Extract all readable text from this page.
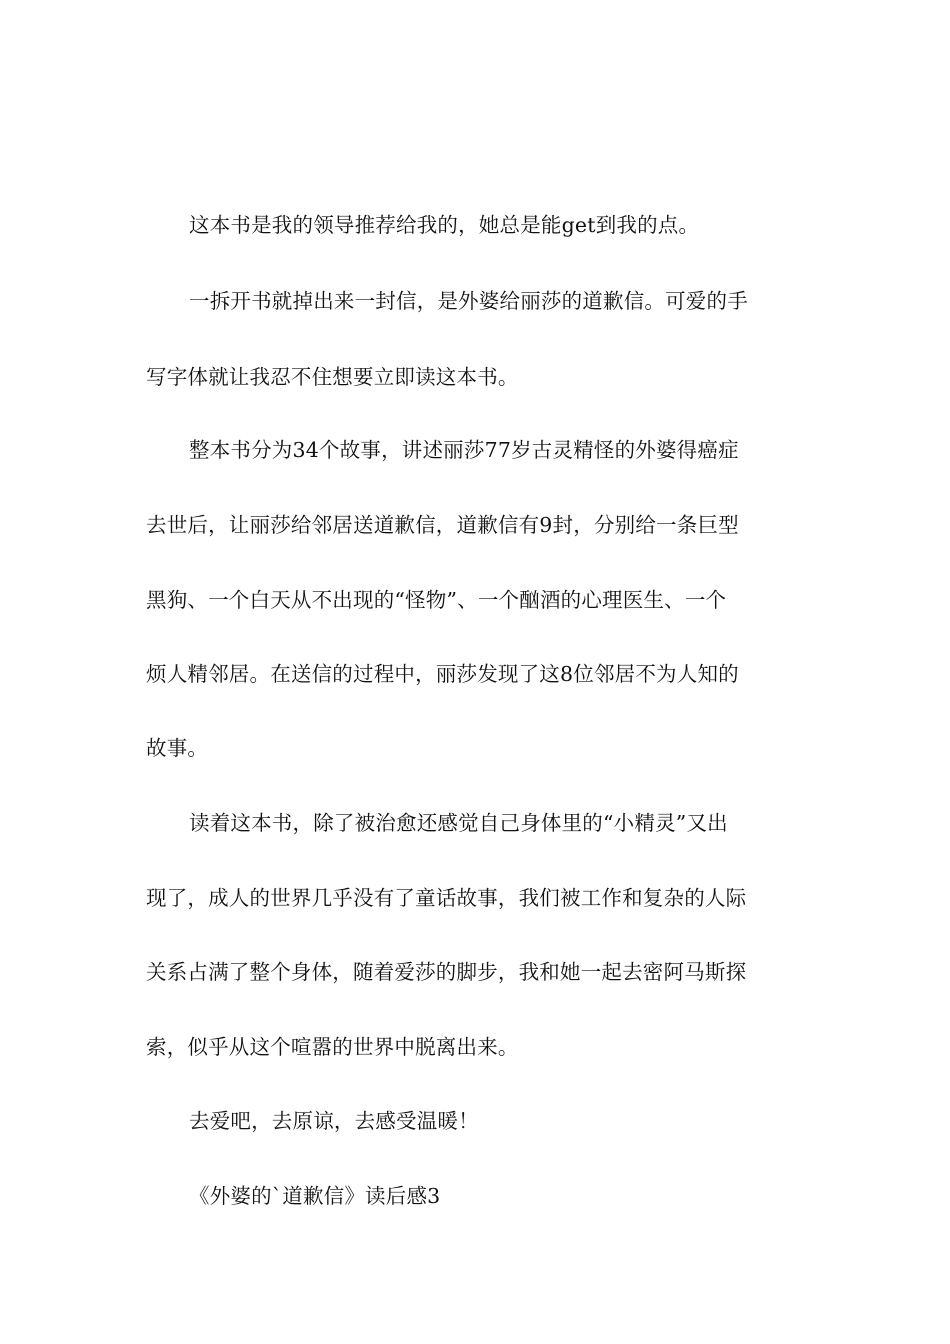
这本书是我的领导推荐给我的，她总是能get到我的点。
一拆开书就掉出来一封信，是外婆给丽莎的道歉信。可爱的手
写字体就让我忍不住想要立即读这本书。
整本书分为34个故事，讲述丽莎77岁古灵精怪的外婆得癌症
去世后，让丽莎给邻居送道歉信，道歉信有9封，分别给一条巨型
黑狗、一个白天从不出现的“怪物”、一个酗酒的心理医生、一个
烦人精邻居。在送信的过程中，丽莎发现了这8位邻居不为人知的
故事。
读着这本书，除了被治愈还感觉自己身体里的“小精灵”又出
现了，成人的世界几乎没有了童话故事，我们被工作和复杂的人际
关系占满了整个身体，随着爱莎的脚步，我和她一起去密阿马斯探
索，似乎从这个喧嚣的世界中脱离出来。
去爱吧，去原谅，去感受温暖！
《外婆的`道歉信》读后感3
